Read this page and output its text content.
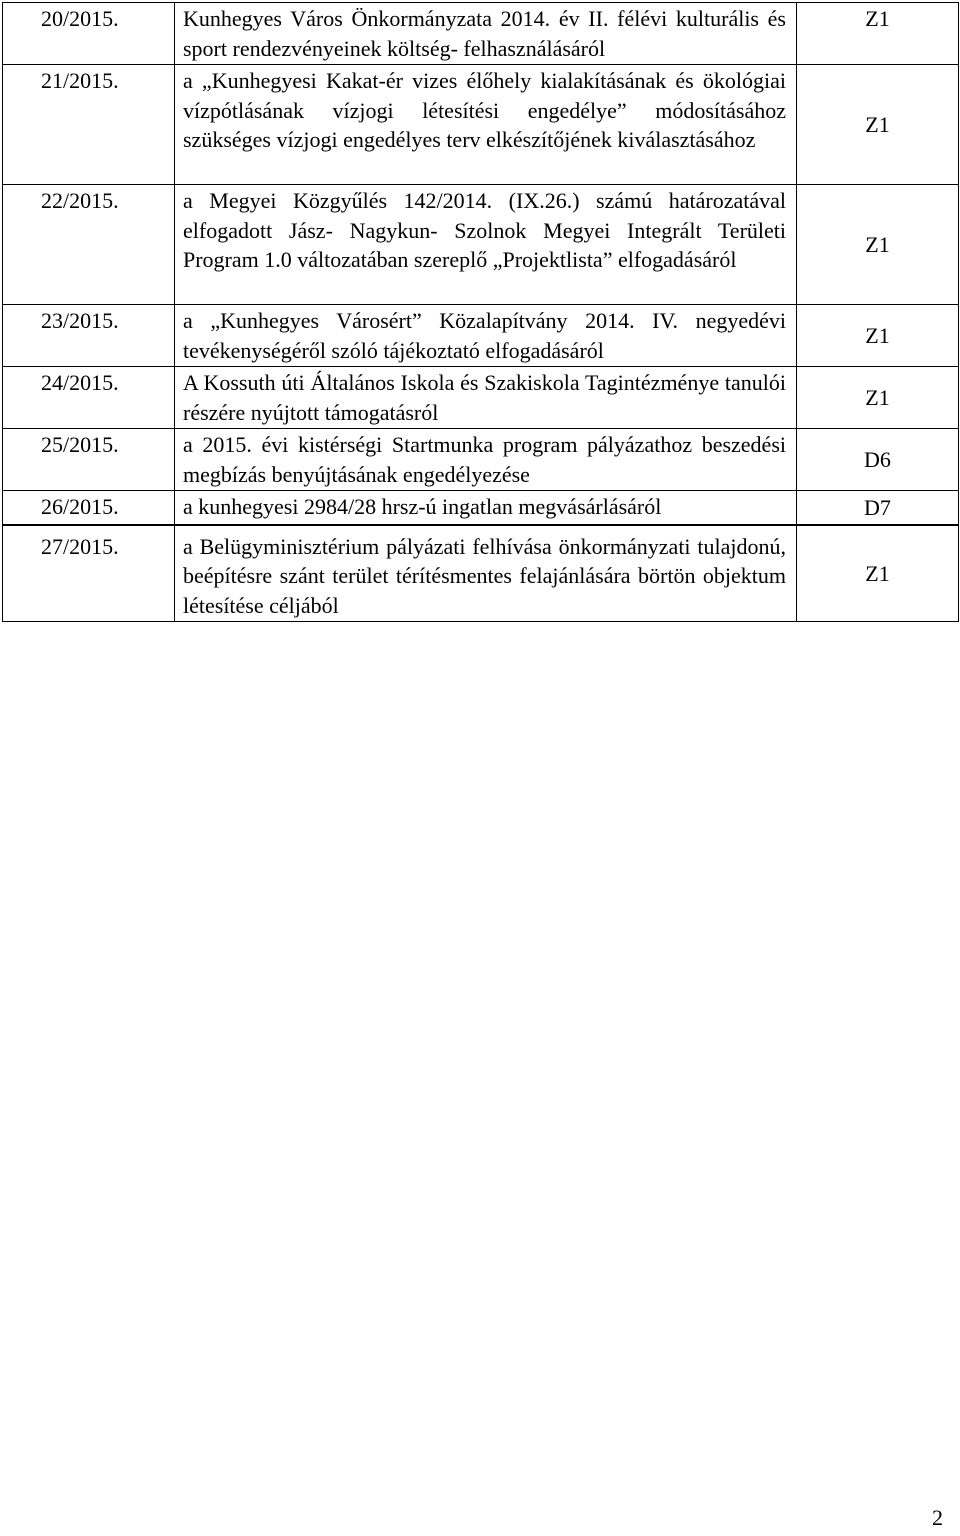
20/2015.	Kunhegyes Város Önkormányzata 2014. év II. félévi kulturális és sport rendezvényeinek költség- felhasználásáról	Z1
21/2015.	a „Kunhegyesi Kakat-ér vizes élőhely kialakításának és ökológiai vízpótlásának vízjogi létesítési engedélye” módosításához szükséges vízjogi engedélyes terv elkészítőjének kiválasztásához	Z1
22/2015.	a Megyei Közgyűlés 142/2014. (IX.26.) számú határozatával elfogadott Jász- Nagykun- Szolnok Megyei Integrált Területi Program 1.0 változatában szereplő „Projektlista” elfogadásáról	Z1
23/2015.	a „Kunhegyes Városért” Közalapítvány 2014. IV. negyedévi tevékenységéről szóló tájékoztató elfogadásáról	Z1
24/2015.	A Kossuth úti Általános Iskola és Szakiskola Tagintézménye tanulói részére nyújtott támogatásról	Z1
25/2015.	a 2015. évi kistérségi Startmunka program pályázathoz beszedési megbízás benyújtásának engedélyezése	D6
26/2015.	a kunhegyesi 2984/28 hrsz-ú ingatlan megvásárlásáról	D7
27/2015.	a Belügyminisztérium pályázati felhívása önkormányzati tulajdonú, beépítésre szánt terület térítésmentes felajánlására börtön objektum létesítése céljából	Z1
2
